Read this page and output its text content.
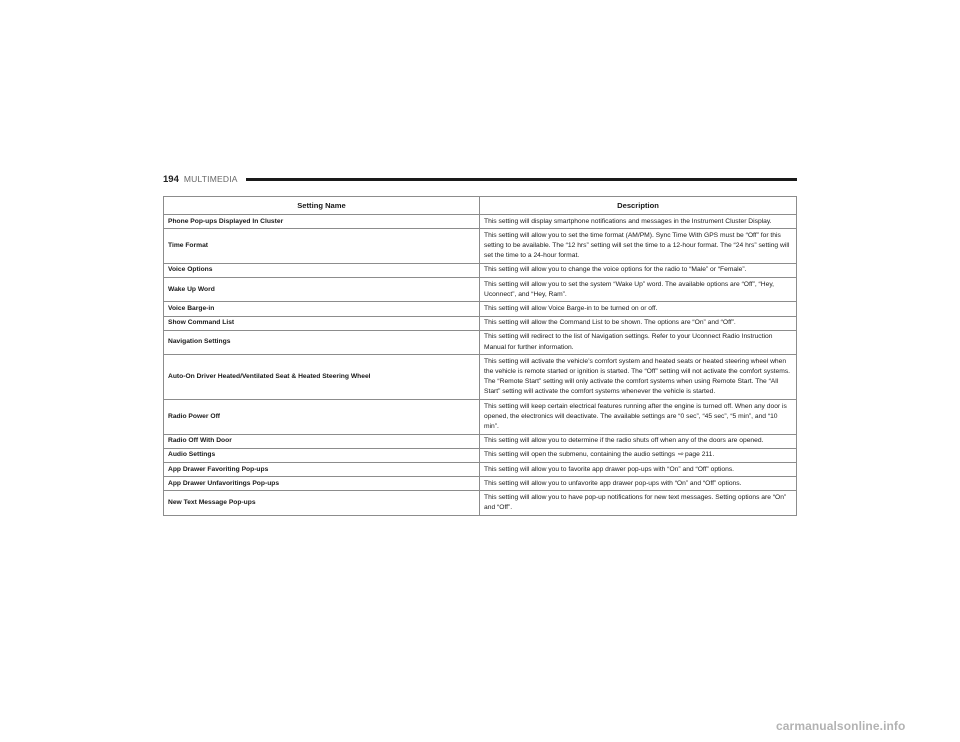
194 MULTIMEDIA
Setting Name	Description
Phone Pop-ups Displayed In Cluster	This setting will display smartphone notifications and messages in the Instrument Cluster Display.
Time Format	This setting will allow you to set the time format (AM/PM). Sync Time With GPS must be “Off” for this setting to be available. The “12 hrs” setting will set the time to a 12-hour format. The “24 hrs” setting will set the time to a 24-hour format.
Voice Options	This setting will allow you to change the voice options for the radio to “Male” or “Female”.
Wake Up Word	This setting will allow you to set the system “Wake Up” word. The available options are “Off”, “Hey, Uconnect”, and “Hey, Ram”.
Voice Barge-in	This setting will allow Voice Barge-in to be turned on or off.
Show Command List	This setting will allow the Command List to be shown. The options are “On” and “Off”.
Navigation Settings	This setting will redirect to the list of Navigation settings. Refer to your Uconnect Radio Instruction Manual for further information.
Auto-On Driver Heated/Ventilated Seat & Heated Steering Wheel	This setting will activate the vehicle’s comfort system and heated seats or heated steering wheel when the vehicle is remote started or ignition is started. The “Off” setting will not activate the comfort systems. The “Remote Start” setting will only activate the comfort systems when using Remote Start. The “All Start” setting will activate the comfort systems whenever the vehicle is started.
Radio Power Off	This setting will keep certain electrical features running after the engine is turned off. When any door is opened, the electronics will deactivate. The available settings are “0 sec”, “45 sec”, “5 min”, and “10 min”.
Radio Off With Door	This setting will allow you to determine if the radio shuts off when any of the doors are opened.
Audio Settings	This setting will open the submenu, containing the audio settings ⇨page 211.
App Drawer Favoriting Pop-ups	This setting will allow you to favorite app drawer pop-ups with “On” and “Off” options.
App Drawer Unfavoritings Pop-ups	This setting will allow you to unfavorite app drawer pop-ups with “On” and “Off” options.
New Text Message Pop-ups	This setting will allow you to have pop-up notifications for new text messages. Setting options are “On” and “Off”.
carmanualsonline.info
